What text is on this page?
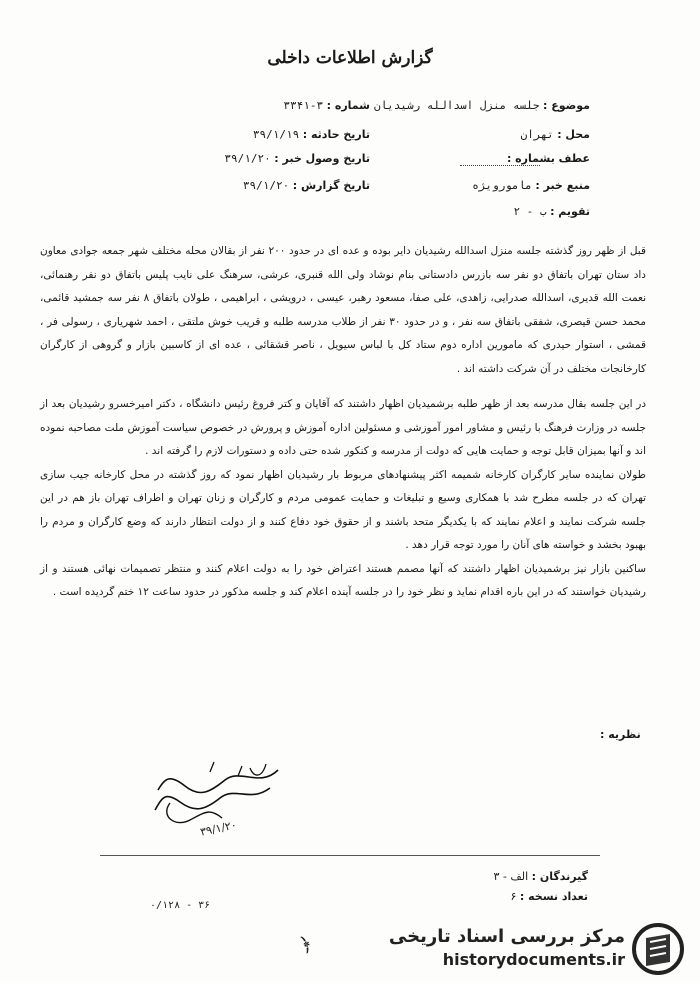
گزارش اطلاعات داخلی
موضوع : جلسه منزل اسدالله رشیدیان
محل : تهران
عطف بشماره :
منبع خبر : مامورویژه
تقویم : ب - ۲
شماره : ۳-۳۳۴۱
تاریخ حادثه : ۳۹/۱/۱۹
تاریخ وصول خبر : ۳۹/۱/۲۰
تاریخ گزارش : ۳۹/۱/۲۰

قبل از ظهر روز گذشته جلسه منزل اسدالله رشیدیان دایر بوده و عده ای در حدود ۲۰۰ نفر از بقالان محله مختلف شهر جمعه جوادی معاون داد ستان تهران باتفاق دو نفر سه بازرس دادستانی بنام نوشاد ولی الله قنبری، عرشی، سرهنگ علی نایب پلیس باتفاق دو نفر رهنمائی، نعمت الله قدیری، اسدالله صدرایی، زاهدی، علی صفا، مسعود رهبر، عیسی ، درویشی ، ابراهیمی ، طولان باتفاق ۸ نفر سه جمشید قائمی، محمد حسن قیصری، شفقی باتفاق سه نفر ، و در حدود ۳۰ نفر از طلاب مدرسه طلبه و قریب خوش ملتقی ، احمد شهریاری ، رسولی فر ، قمشی ، استوار حیدری که مامورین اداره دوم ستاد کل با لباس سیویل ، ناصر قشقائی ، عده ای از کاسبین بازار و گروهی از کارگران کارخانجات مختلف در آن شرکت داشته اند .

در این جلسه بقال مدرسه بعد از ظهر طلبه برشمیدیان اظهار داشتند که آقایان و کتر فروغ رئیس دانشگاه ، دکتر امیرخسرو رشیدیان بعد از جلسه در وزارت فرهنگ با رئیس و مشاور امور آموزشی و مسئولین اداره آموزش و پرورش در خصوص سیاست آموزش ملت مصاحبه نموده اند و آنها بمیزان قابل توجه و حمایت هایی که دولت از مدرسه و کنکور شده حتی داده و دستورات لازم را گرفته اند .

طولان نماینده سایر کارگران کارخانه شمیمه اکثر پیشنهادهای مربوط بار رشیدیان اظهار نمود که روز گذشته در محل کارخانه جیب سازی تهران که در جلسه مطرح شد با همکاری وسیع و تبلیغات و حمایت عمومی مردم و کارگران و زنان تهران و اطراف تهران باز هم در این جلسه شرکت نمایند و اعلام نمایند که با یکدیگر متحد باشند و از حقوق خود دفاع کنند و از دولت انتظار دارند که وضع کارگران و مردم را بهبود بخشد و خواسته های آنان را مورد توجه قرار دهد .

ساکنین بازار نیز برشمیدیان اظهار داشتند که آنها مصمم هستند اعتراض خود را به دولت اعلام کنند و منتظر تصمیمات نهائی هستند و از رشیدیان خواستند که در این باره اقدام نماید و نظر خود را در جلسه آینده اعلام کند و جلسه مذکور در حدود ساعت ۱۲ ختم گردیده است .

نظریه :
۳۹/۱/۲۰
گیرندگان : الف - ۳
تعداد نسخه : ۶
۰/۱۲۸ - ۳۶
﴿	مرکز بررسی اسناد تاریخی
historydocuments.ir
